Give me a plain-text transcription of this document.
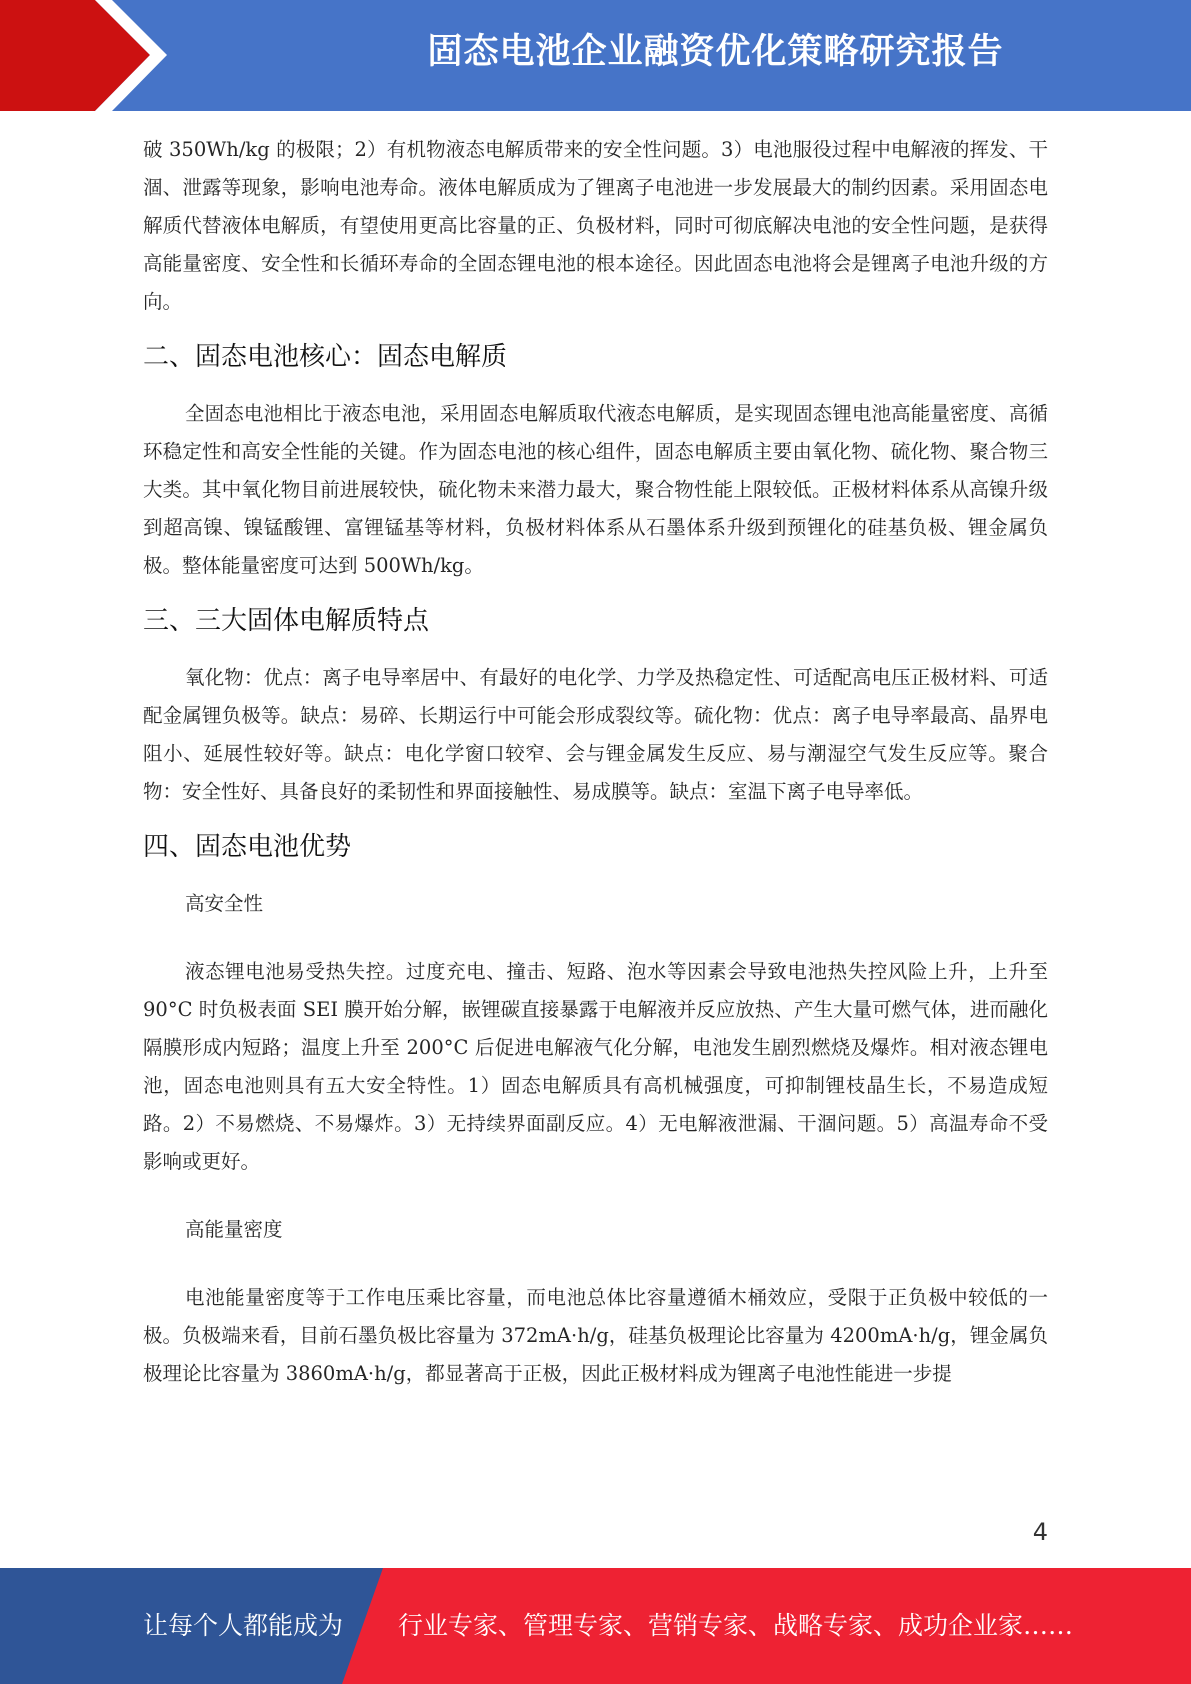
固态电池企业融资优化策略研究报告

破 350Wh/kg 的极限；2）有机物液态电解质带来的安全性问题。3）电池服役过程中电解液的挥发、干涸、泄露等现象，影响电池寿命。液体电解质成为了锂离子电池进一步发展最大的制约因素。采用固态电解质代替液体电解质，有望使用更高比容量的正、负极材料，同时可彻底解决电池的安全性问题，是获得高能量密度、安全性和长循环寿命的全固态锂电池的根本途径。因此固态电池将会是锂离子电池升级的方向。

二、固态电池核心：固态电解质

全固态电池相比于液态电池，采用固态电解质取代液态电解质，是实现固态锂电池高能量密度、高循环稳定性和高安全性能的关键。作为固态电池的核心组件，固态电解质主要由氧化物、硫化物、聚合物三大类。其中氧化物目前进展较快，硫化物未来潜力最大，聚合物性能上限较低。正极材料体系从高镍升级到超高镍、镍锰酸锂、富锂锰基等材料，负极材料体系从石墨体系升级到预锂化的硅基负极、锂金属负极。整体能量密度可达到 500Wh/kg。

三、三大固体电解质特点

氧化物：优点：离子电导率居中、有最好的电化学、力学及热稳定性、可适配高电压正极材料、可适配金属锂负极等。缺点：易碎、长期运行中可能会形成裂纹等。硫化物：优点：离子电导率最高、晶界电阻小、延展性较好等。缺点：电化学窗口较窄、会与锂金属发生反应、易与潮湿空气发生反应等。聚合物：安全性好、具备良好的柔韧性和界面接触性、易成膜等。缺点：室温下离子电导率低。

四、固态电池优势

高安全性

液态锂电池易受热失控。过度充电、撞击、短路、泡水等因素会导致电池热失控风险上升，上升至 90°C 时负极表面 SEI 膜开始分解，嵌锂碳直接暴露于电解液并反应放热、产生大量可燃气体，进而融化隔膜形成内短路；温度上升至 200°C 后促进电解液气化分解，电池发生剧烈燃烧及爆炸。相对液态锂电池，固态电池则具有五大安全特性。1）固态电解质具有高机械强度，可抑制锂枝晶生长，不易造成短路。2）不易燃烧、不易爆炸。3）无持续界面副反应。4）无电解液泄漏、干涸问题。5）高温寿命不受影响或更好。

高能量密度

电池能量密度等于工作电压乘比容量，而电池总体比容量遵循木桶效应，受限于正负极中较低的一极。负极端来看，目前石墨负极比容量为 372mA·h/g，硅基负极理论比容量为 4200mA·h/g，锂金属负极理论比容量为 3860mA·h/g，都显著高于正极，因此正极材料成为锂离子电池性能进一步提

4
让每个人都能成为 行业专家、管理专家、营销专家、战略专家、成功企业家……
